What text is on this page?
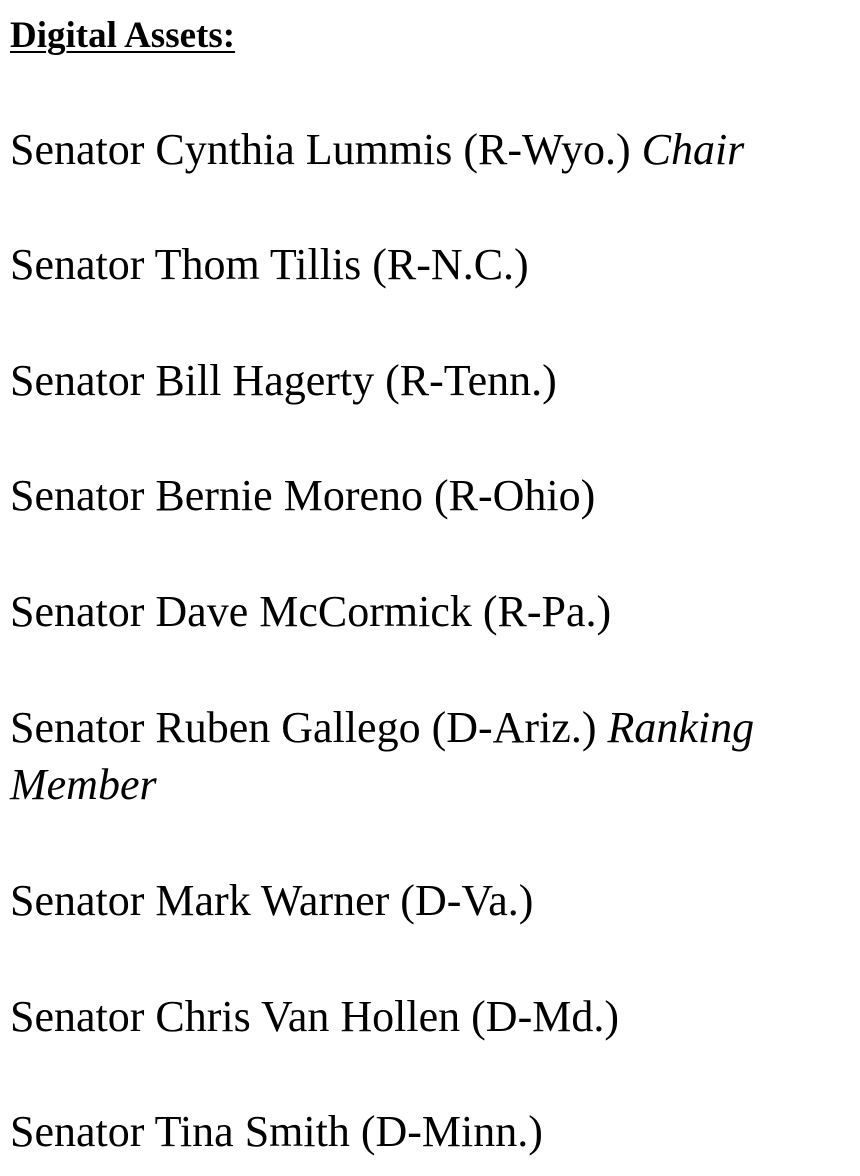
Digital Assets:
Senator Cynthia Lummis (R-Wyo.) Chair
Senator Thom Tillis (R-N.C.)
Senator Bill Hagerty (R-Tenn.)
Senator Bernie Moreno (R-Ohio)
Senator Dave McCormick (R-Pa.)
Senator Ruben Gallego (D-Ariz.) Ranking Member
Senator Mark Warner (D-Va.)
Senator Chris Van Hollen (D-Md.)
Senator Tina Smith (D-Minn.)
